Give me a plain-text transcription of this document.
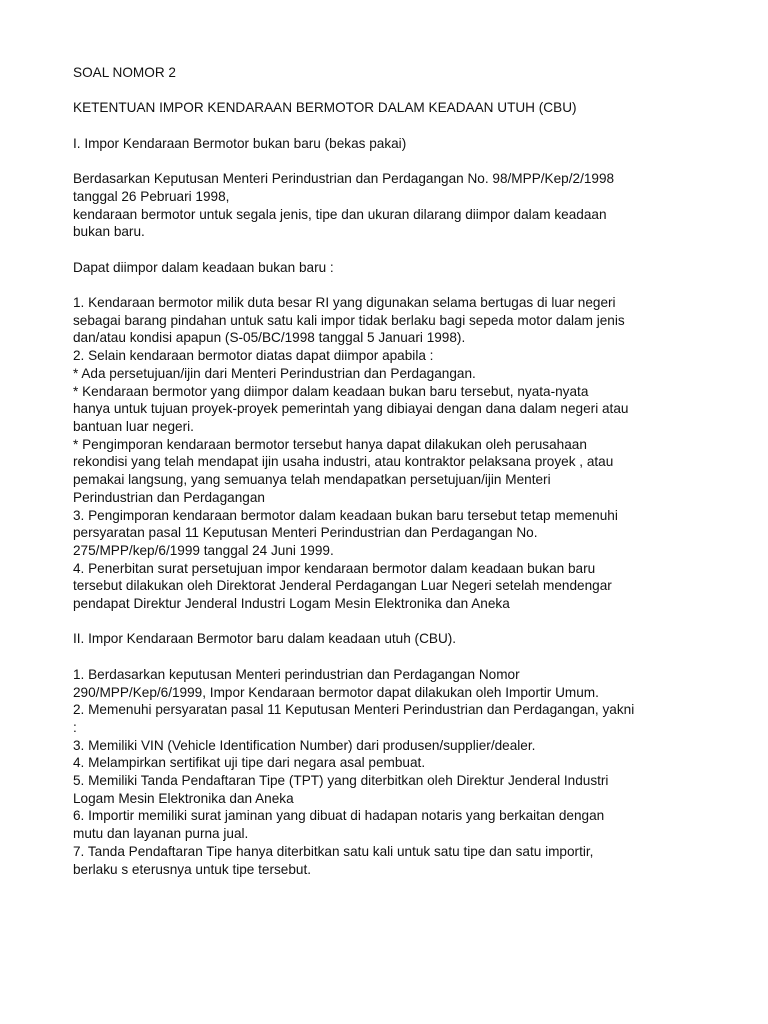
SOAL NOMOR 2
KETENTUAN IMPOR KENDARAAN BERMOTOR DALAM KEADAAN UTUH (CBU)
I. Impor Kendaraan Bermotor bukan baru (bekas pakai)
Berdasarkan Keputusan Menteri Perindustrian dan Perdagangan No. 98/MPP/Kep/2/1998
tanggal 26 Pebruari 1998,
kendaraan bermotor untuk segala jenis, tipe dan ukuran dilarang diimpor dalam keadaan
bukan baru.
Dapat diimpor dalam keadaan bukan baru :
1. Kendaraan bermotor milik duta besar RI yang digunakan selama bertugas di luar negeri
sebagai barang pindahan untuk satu kali impor tidak berlaku bagi sepeda motor dalam jenis
dan/atau kondisi apapun (S-05/BC/1998 tanggal 5 Januari 1998).
2. Selain kendaraan bermotor diatas dapat diimpor apabila :
* Ada persetujuan/ijin dari Menteri Perindustrian dan Perdagangan.
* Kendaraan bermotor yang diimpor dalam keadaan bukan baru tersebut, nyata-nyata
hanya untuk tujuan proyek-proyek pemerintah yang dibiayai dengan dana dalam negeri atau
bantuan luar negeri.
* Pengimporan kendaraan bermotor tersebut hanya dapat dilakukan oleh perusahaan
rekondisi yang telah mendapat ijin usaha industri, atau kontraktor pelaksana proyek , atau
pemakai langsung, yang semuanya telah mendapatkan persetujuan/ijin Menteri
Perindustrian dan Perdagangan
3. Pengimporan kendaraan bermotor dalam keadaan bukan baru tersebut tetap memenuhi
persyaratan pasal 11 Keputusan Menteri Perindustrian dan Perdagangan No.
275/MPP/kep/6/1999 tanggal 24 Juni 1999.
4. Penerbitan surat persetujuan impor kendaraan bermotor dalam keadaan bukan baru
tersebut dilakukan oleh Direktorat Jenderal Perdagangan Luar Negeri setelah mendengar
pendapat Direktur Jenderal Industri Logam Mesin Elektronika dan Aneka
II. Impor Kendaraan Bermotor baru dalam keadaan utuh (CBU).
1. Berdasarkan keputusan Menteri perindustrian dan Perdagangan Nomor
290/MPP/Kep/6/1999, Impor Kendaraan bermotor dapat dilakukan oleh Importir Umum.
2. Memenuhi persyaratan pasal 11 Keputusan Menteri Perindustrian dan Perdagangan, yakni
:
3. Memiliki VIN (Vehicle Identification Number) dari produsen/supplier/dealer.
4. Melampirkan sertifikat uji tipe dari negara asal pembuat.
5. Memiliki Tanda Pendaftaran Tipe (TPT) yang diterbitkan oleh Direktur Jenderal Industri
Logam Mesin Elektronika dan Aneka
6. Importir memiliki surat jaminan yang dibuat di hadapan notaris yang berkaitan dengan
mutu dan layanan purna jual.
7. Tanda Pendaftaran Tipe hanya diterbitkan satu kali untuk satu tipe dan satu importir,
berlaku s eterusnya untuk tipe tersebut.
